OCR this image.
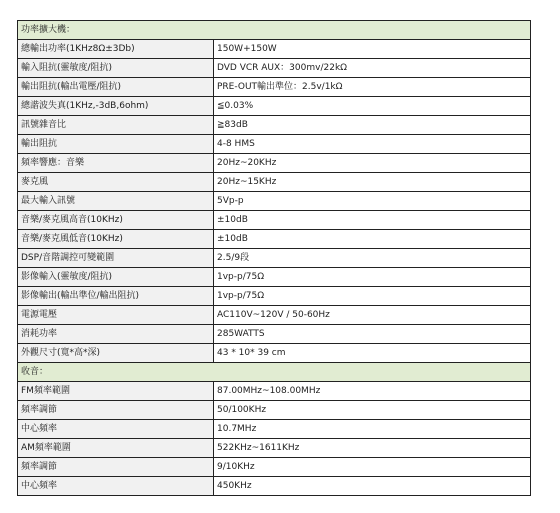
功率擴大機：	
總輸出功率(1KHz8Ω±3Db)	150W+150W
輸入阻抗(靈敏度/阻抗)	DVD VCR AUX：300mv/22kΩ
輸出阻抗(輸出電壓/阻抗)	PRE-OUT輸出準位：2.5v/1kΩ
總諧波失真(1KHz,-3dB,6ohm)	≦0.03%
訊號雜音比	≧83dB
輸出阻抗	4-8 HMS
頻率響應：音樂	20Hz~20KHz
麥克風	20Hz~15KHz
最大輸入訊號	5Vp-p
音樂/麥克風高音(10KHz)	±10dB
音樂/麥克風低音(10KHz)	±10dB
DSP/音階調控可變範圍	2.5/9段
影像輸入(靈敏度/阻抗)	1vp-p/75Ω
影像輸出(輸出準位/輸出阻抗)	1vp-p/75Ω
電源電壓	AC110V~120V / 50-60Hz
消耗功率	285WATTS
外觀尺寸(寬*高*深)	43 * 10* 39 cm
收音：	
FM頻率範圍	87.00MHz~108.00MHz
頻率調節	50/100KHz
中心頻率	10.7MHz
AM頻率範圍	522KHz~1611KHz
頻率調節	9/10KHz
中心頻率	450KHz
